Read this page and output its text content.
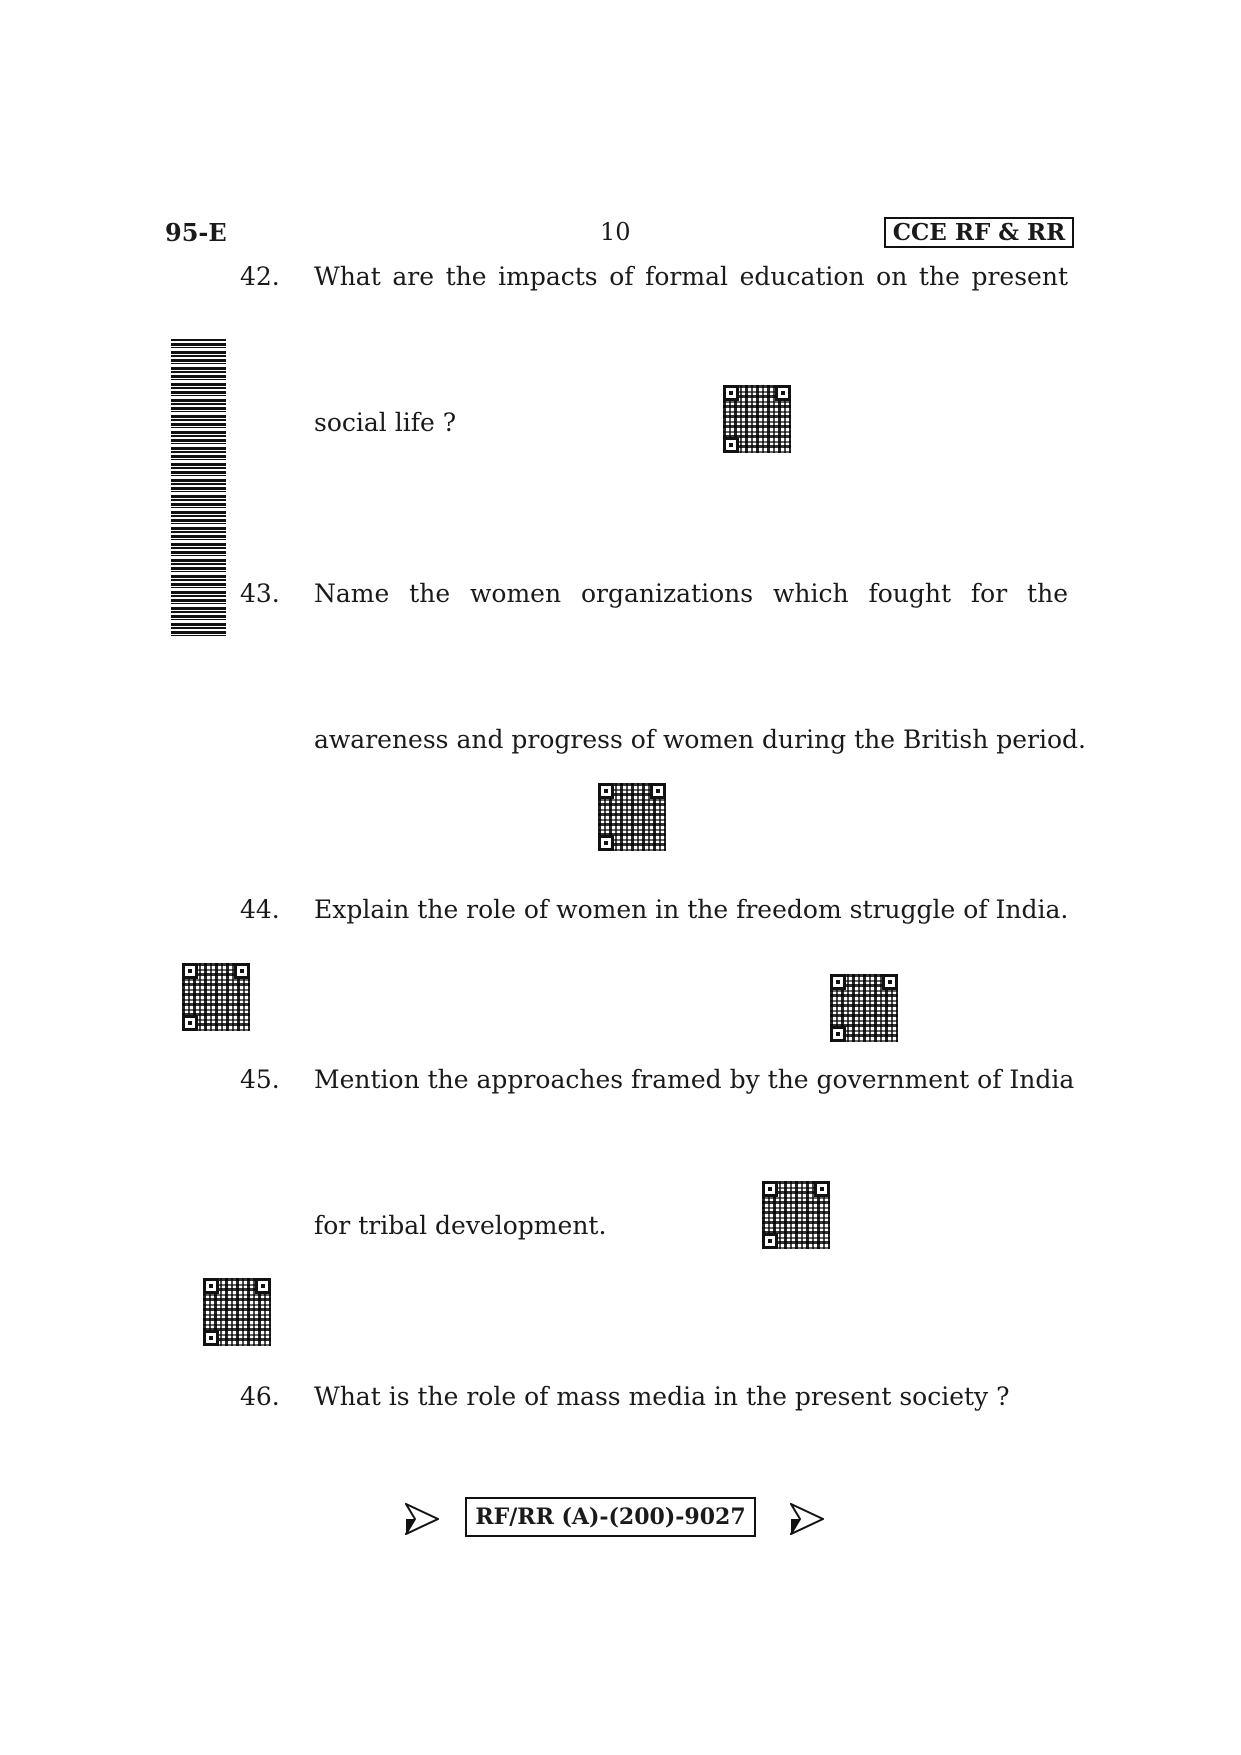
95-E	10	CCE RF & RR
42. What are the impacts of formal education on the present
social life ?
43. Name the women organizations which fought for the
awareness and progress of women during the British period.
44. Explain the role of women in the freedom struggle of India.
45. Mention the approaches framed by the government of India
for tribal development.
46. What is the role of mass media in the present society ?
RF/RR (A)-(200)-9027
